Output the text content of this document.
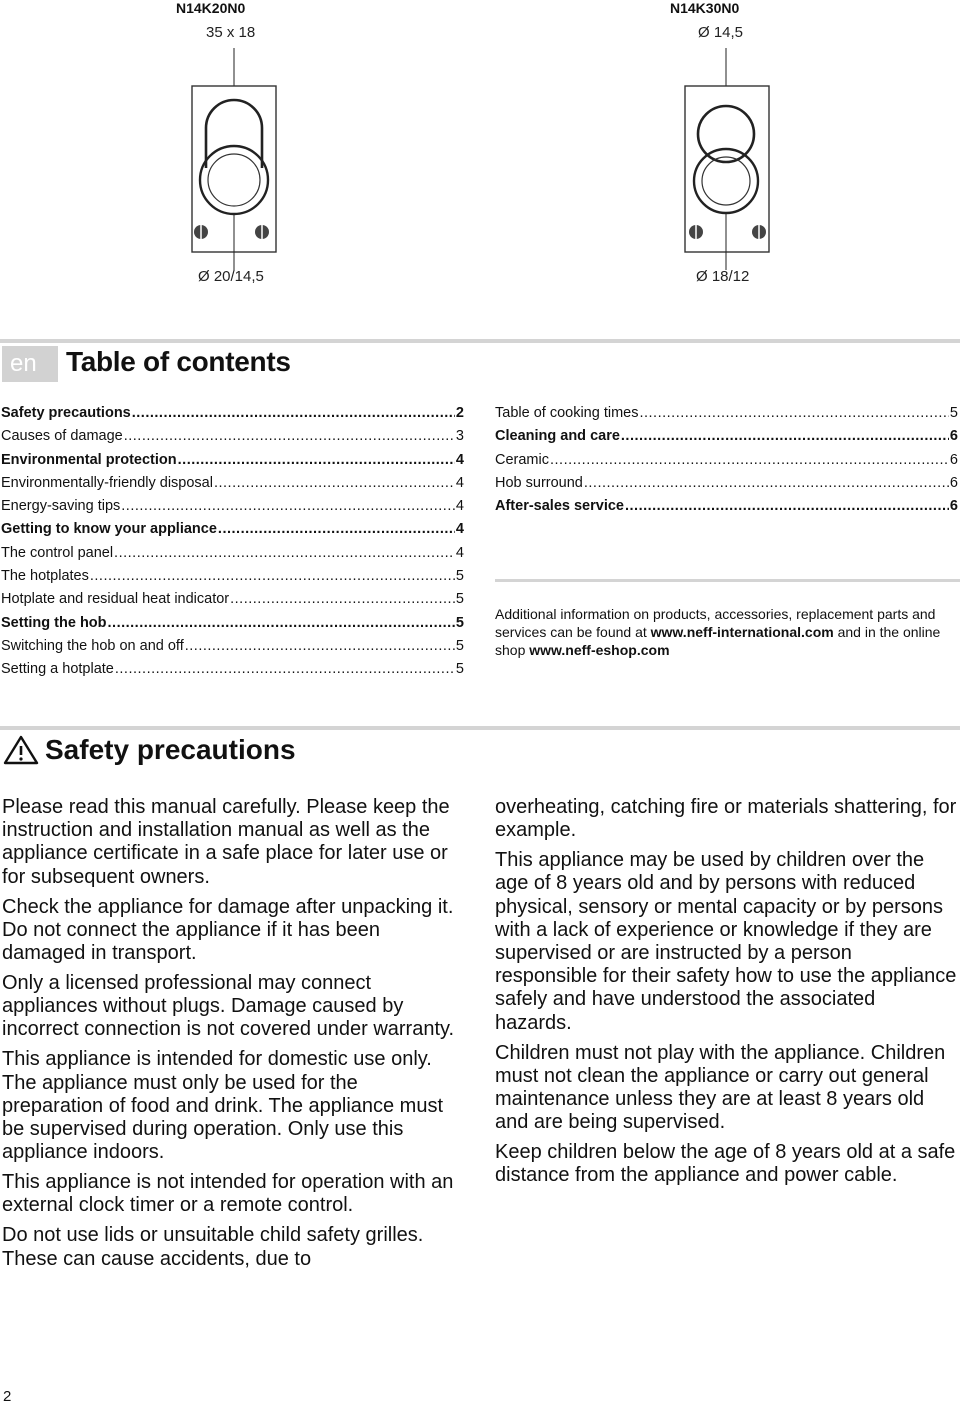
N14K20N0	N14K30N0
35 x 18	Ø 14,5
Ø 20/14,5	Ø 18/12
en	Table of contents
Safety precautions .....	2
Causes of damage .....	3
Environmental protection .....	4
Environmentally-friendly disposal .....	4
Energy-saving tips .....	4
Getting to know your appliance .....	4
The control panel .....	4
The hotplates .....	5
Hotplate and residual heat indicator .....	5
Setting the hob .....	5
Switching the hob on and off .....	5
Setting a hotplate .....	5
Table of cooking times .....	5
Cleaning and care .....	6
Ceramic .....	6
Hob surround .....	6
After-sales service .....	6
Additional information on products, accessories, replacement parts and services can be found at www.neff-international.com and in the online shop www.neff-eshop.com
Safety precautions

Please read this manual carefully. Please keep the instruction and installation manual as well as the appliance certificate in a safe place for later use or for subsequent owners.

Check the appliance for damage after unpacking it. Do not connect the appliance if it has been damaged in transport.

Only a licensed professional may connect appliances without plugs. Damage caused by incorrect connection is not covered under warranty.

This appliance is intended for domestic use only. The appliance must only be used for the preparation of food and drink. The appliance must be supervised during operation. Only use this appliance indoors.

This appliance is not intended for operation with an external clock timer or a remote control.

Do not use lids or unsuitable child safety grilles. These can cause accidents, due to

overheating, catching fire or materials shattering, for example.

This appliance may be used by children over the age of 8 years old and by persons with reduced physical, sensory or mental capacity or by persons with a lack of experience or knowledge if they are supervised or are instructed by a person responsible for their safety how to use the appliance safely and have understood the associated hazards.

Children must not play with the appliance. Children must not clean the appliance or carry out general maintenance unless they are at least 8 years old and are being supervised.

Keep children below the age of 8 years old at a safe distance from the appliance and power cable.

2
